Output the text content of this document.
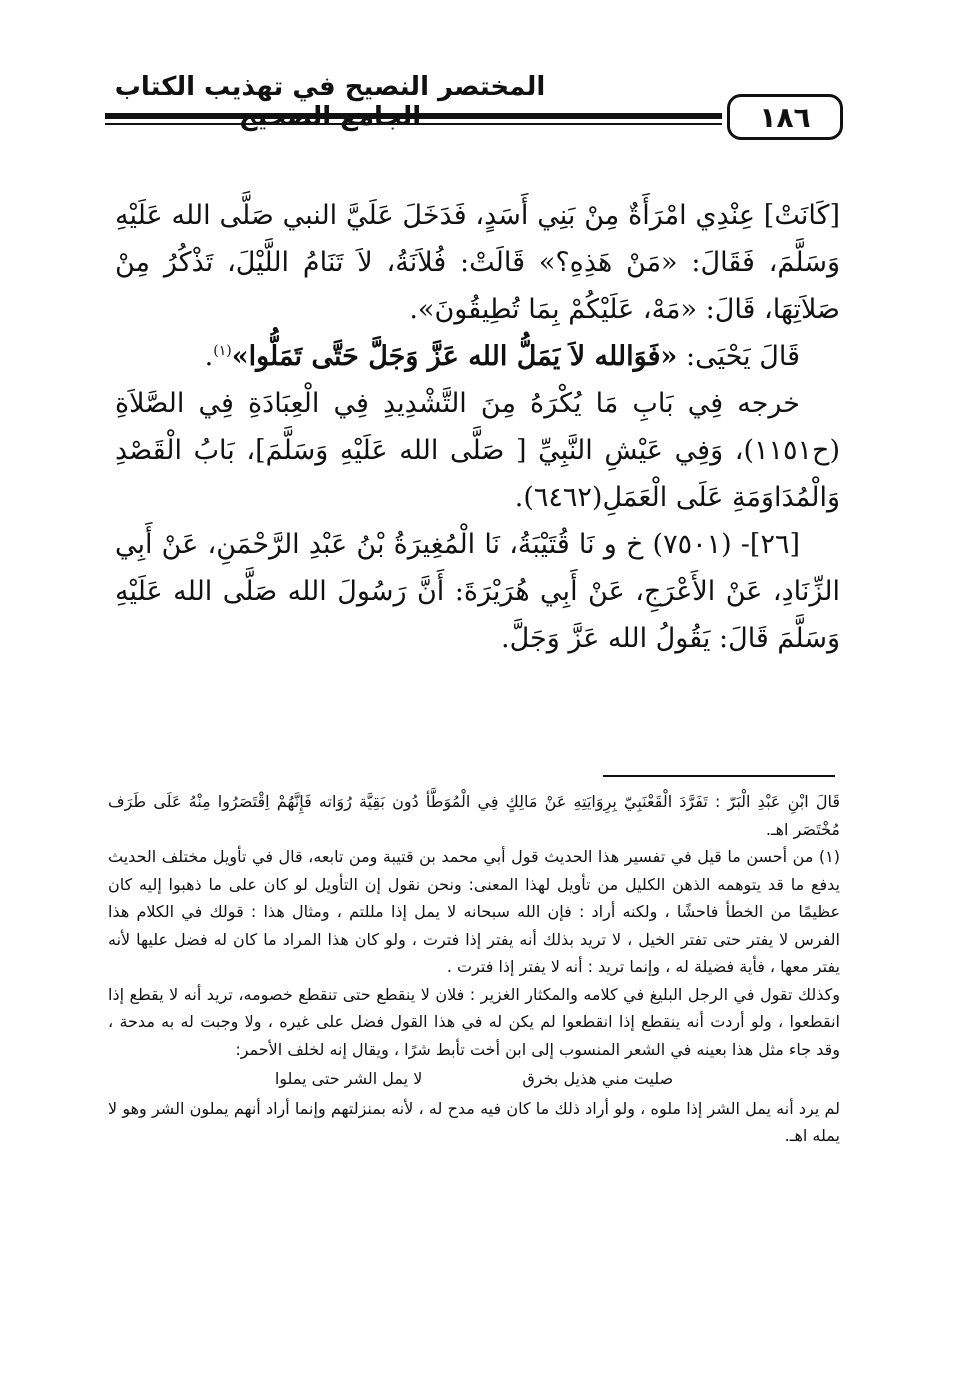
المختصر النصيح في تهذيب الكتاب
١٨٦

[كَانَتْ] عِنْدِي امْرَأَةٌ مِنْ بَنِي أَسَدٍ، فَدَخَلَ عَلَيَّ النبي صَلَّى الله عَلَيْهِ وَسَلَّمَ، فَقَالَ: «مَنْ هَذِهِ؟» قَالَتْ: فُلاَنَةُ، لاَ تَنَامُ اللَّيْلَ، تَذْكُرُ مِنْ صَلاَتِهَا، قَالَ: «مَهْ، عَلَيْكُمْ بِمَا تُطِيقُونَ».

قَالَ يَحْيَى: «فَوَالله لاَ يَمَلُّ الله عَزَّ وَجَلَّ حَتَّى تَمَلُّوا»$^{(١)}$.

خرجه فِي بَابِ مَا يُكْرَهُ مِنَ التَّشْدِيدِ فِي الْعِبَادَةِ فِي الصَّلاَةِ (ح١١٥١)، وَفِي عَيْشِ النَّبِيِّ [ صَلَّى الله عَلَيْهِ وَسَلَّمَ]، بَابُ الْقَصْدِ وَالْمُدَاوَمَةِ عَلَى الْعَمَلِ(٦٤٦٢).

[٢٦]- (٧٥٠١) خ و نَا قُتَيْبَةُ، نَا الْمُغِيرَةُ بْنُ عَبْدِ الرَّحْمَنِ، عَنْ أَبِي الزِّنَادِ، عَنْ الأَعْرَجِ، عَنْ أَبِي هُرَيْرَةَ: أَنَّ رَسُولَ الله صَلَّى الله عَلَيْهِ وَسَلَّمَ قَالَ: يَقُولُ الله عَزَّ وَجَلَّ.

قَالَ ابْنِ عَبْدِ الْبَرّ : تَفَرَّدَ الْقَعْنَبِيّ بِرِوَايَتِهِ عَنْ مَالِكٍ فِي الْمُوَطَّأ دُون بَقِيَّة رُوَاته فَإِنَّهُمْ اِقْتَصَرُوا مِنْهُ عَلَى طَرَف مُخْتَصَر اهـ.

(١) من أحسن ما قيل في تفسير هذا الحديث قول أبي محمد بن قتيبة ومن تابعه، قال في تأويل مختلف الحديث يدفع ما قد يتوهمه الذهن الكليل من تأويل لهذا المعنى: ونحن نقول إن التأويل لو كان على ما ذهبوا إليه كان عظيمًا من الخطأ فاحشًا ، ولكنه أراد : فإن الله سبحانه لا يمل إذا مللتم ، ومثال هذا : قولك في الكلام هذا الفرس لا يفتر حتى تفتر الخيل ، لا تريد بذلك أنه يفتر إذا فترت ، ولو كان هذا المراد ما كان له فضل عليها لأنه يفتر معها ، فأية فضيلة له ، وإنما تريد : أنه لا يفتر إذا فترت .

وكذلك تقول في الرجل البليغ في كلامه والمكثار الغزير : فلان لا ينقطع حتى تنقطع خصومه، تريد أنه لا يقطع إذا انقطعوا ، ولو أردت أنه ينقطع إذا انقطعوا لم يكن له في هذا القول فضل على غيره ، ولا وجبت له به مدحة ، وقد جاء مثل هذا بعينه في الشعر المنسوب إلى ابن أخت تأبط شرًا ، ويقال إنه لخلف الأحمر:

صليت مني هذيل بخرق
لا يمل الشر حتى يملوا

لم يرد أنه يمل الشر إذا ملوه ، ولو أراد ذلك ما كان فيه مدح له ، لأنه بمنزلتهم وإنما أراد أنهم يملون الشر وهو لا يمله اهـ.
